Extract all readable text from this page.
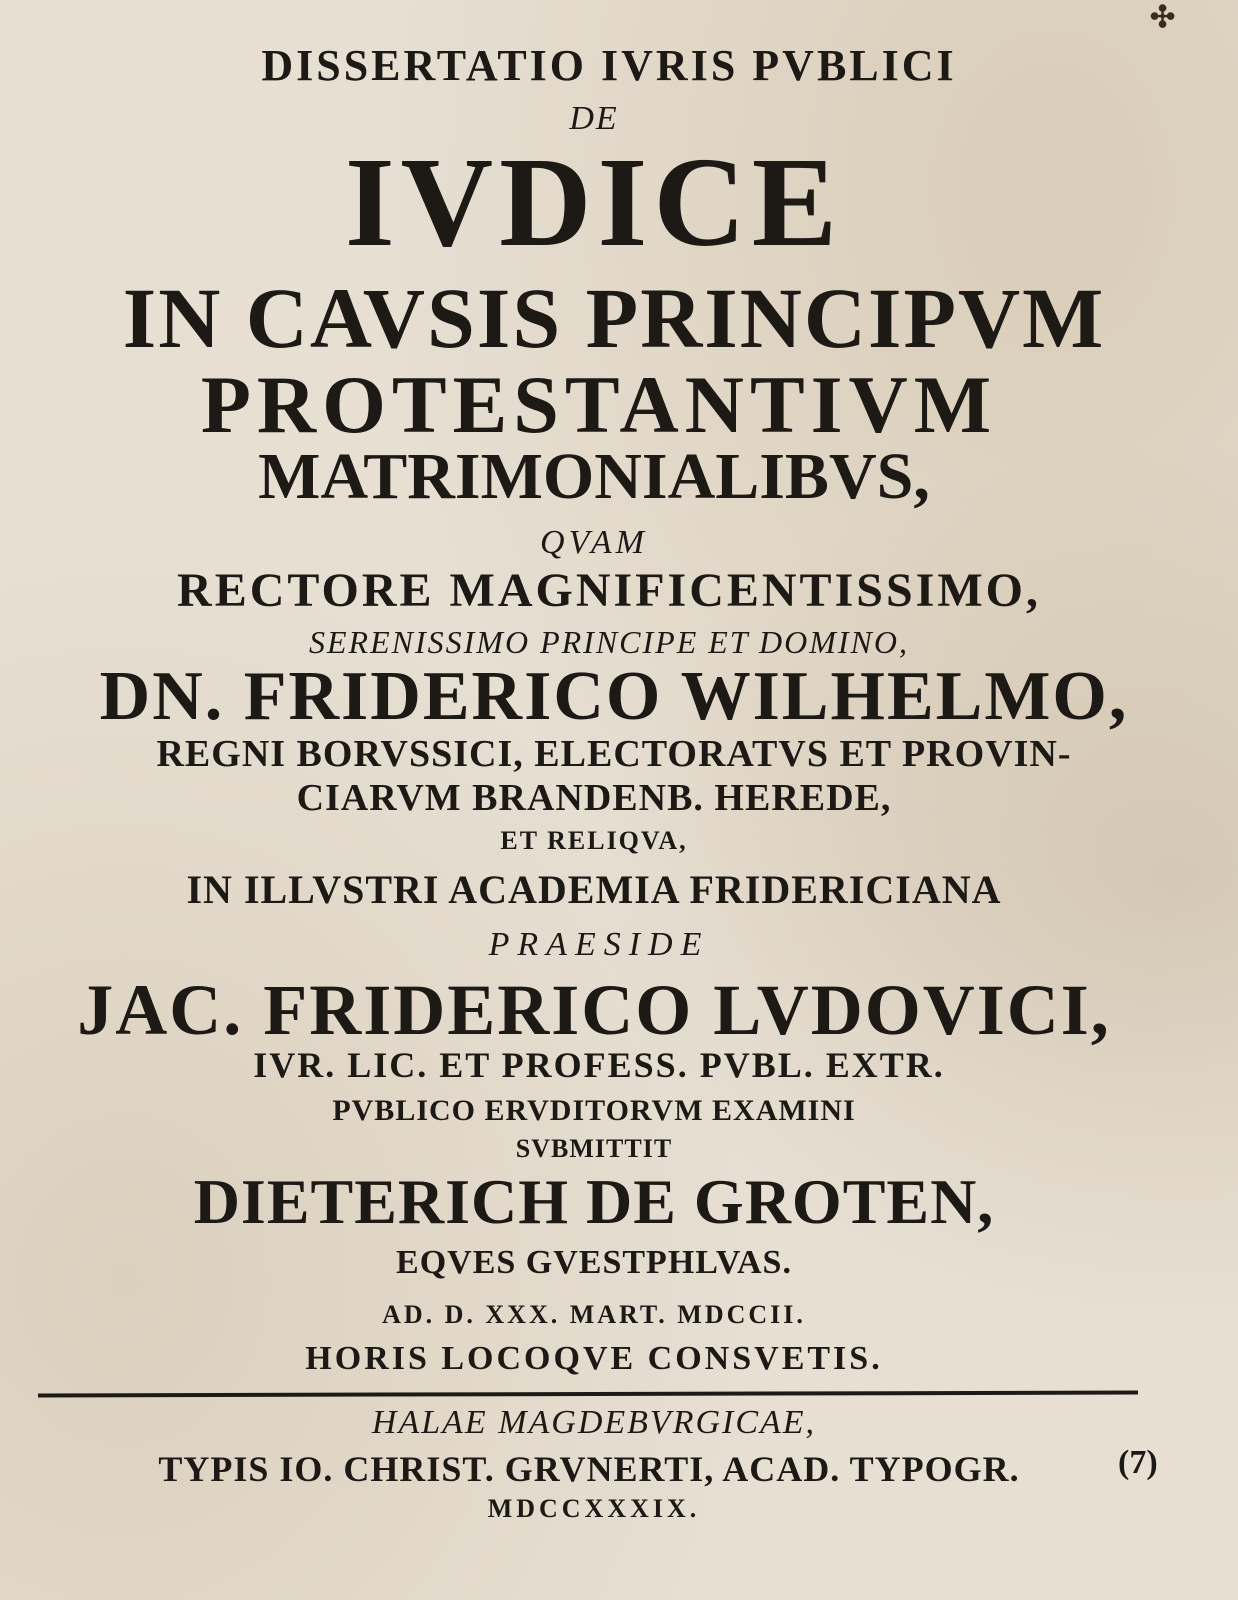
DISSERTATIO IVRIS PVBLICI
DE
IVDICE
IN CAVSIS PRINCIPVM
PROTESTANTIVM
MATRIMONIALIBVS,
QVAM
RECTORE MAGNIFICENTISSIMO,
SERENISSIMO PRINCIPE ET DOMINO,
DN. FRIDERICO WILHELMO,
REGNI BORVSSICI, ELECTORATVS ET PROVIN-
CIARVM BRANDENB. HEREDE,
ET RELIQVA,
IN ILLVSTRI ACADEMIA FRIDERICIANA
PRAESIDE
JAC. FRIDERICO LVDOVICI,
IVR. LIC. ET PROFESS. PVBL. EXTR.
PVBLICO ERVDITORVM EXAMINI
SVBMITTIT
DIETERICH DE GROTEN,
EQVES GVESTPHLVAS.
AD. D. XXX. MART. MDCCII.
HORIS LOCOQVE CONSVETIS.
HALAE MAGDEBVRGICAE,
TYPIS IO. CHRIST. GRVNERTI, ACAD. TYPOGR.
MDCCXXXIX.
(7)
✣
